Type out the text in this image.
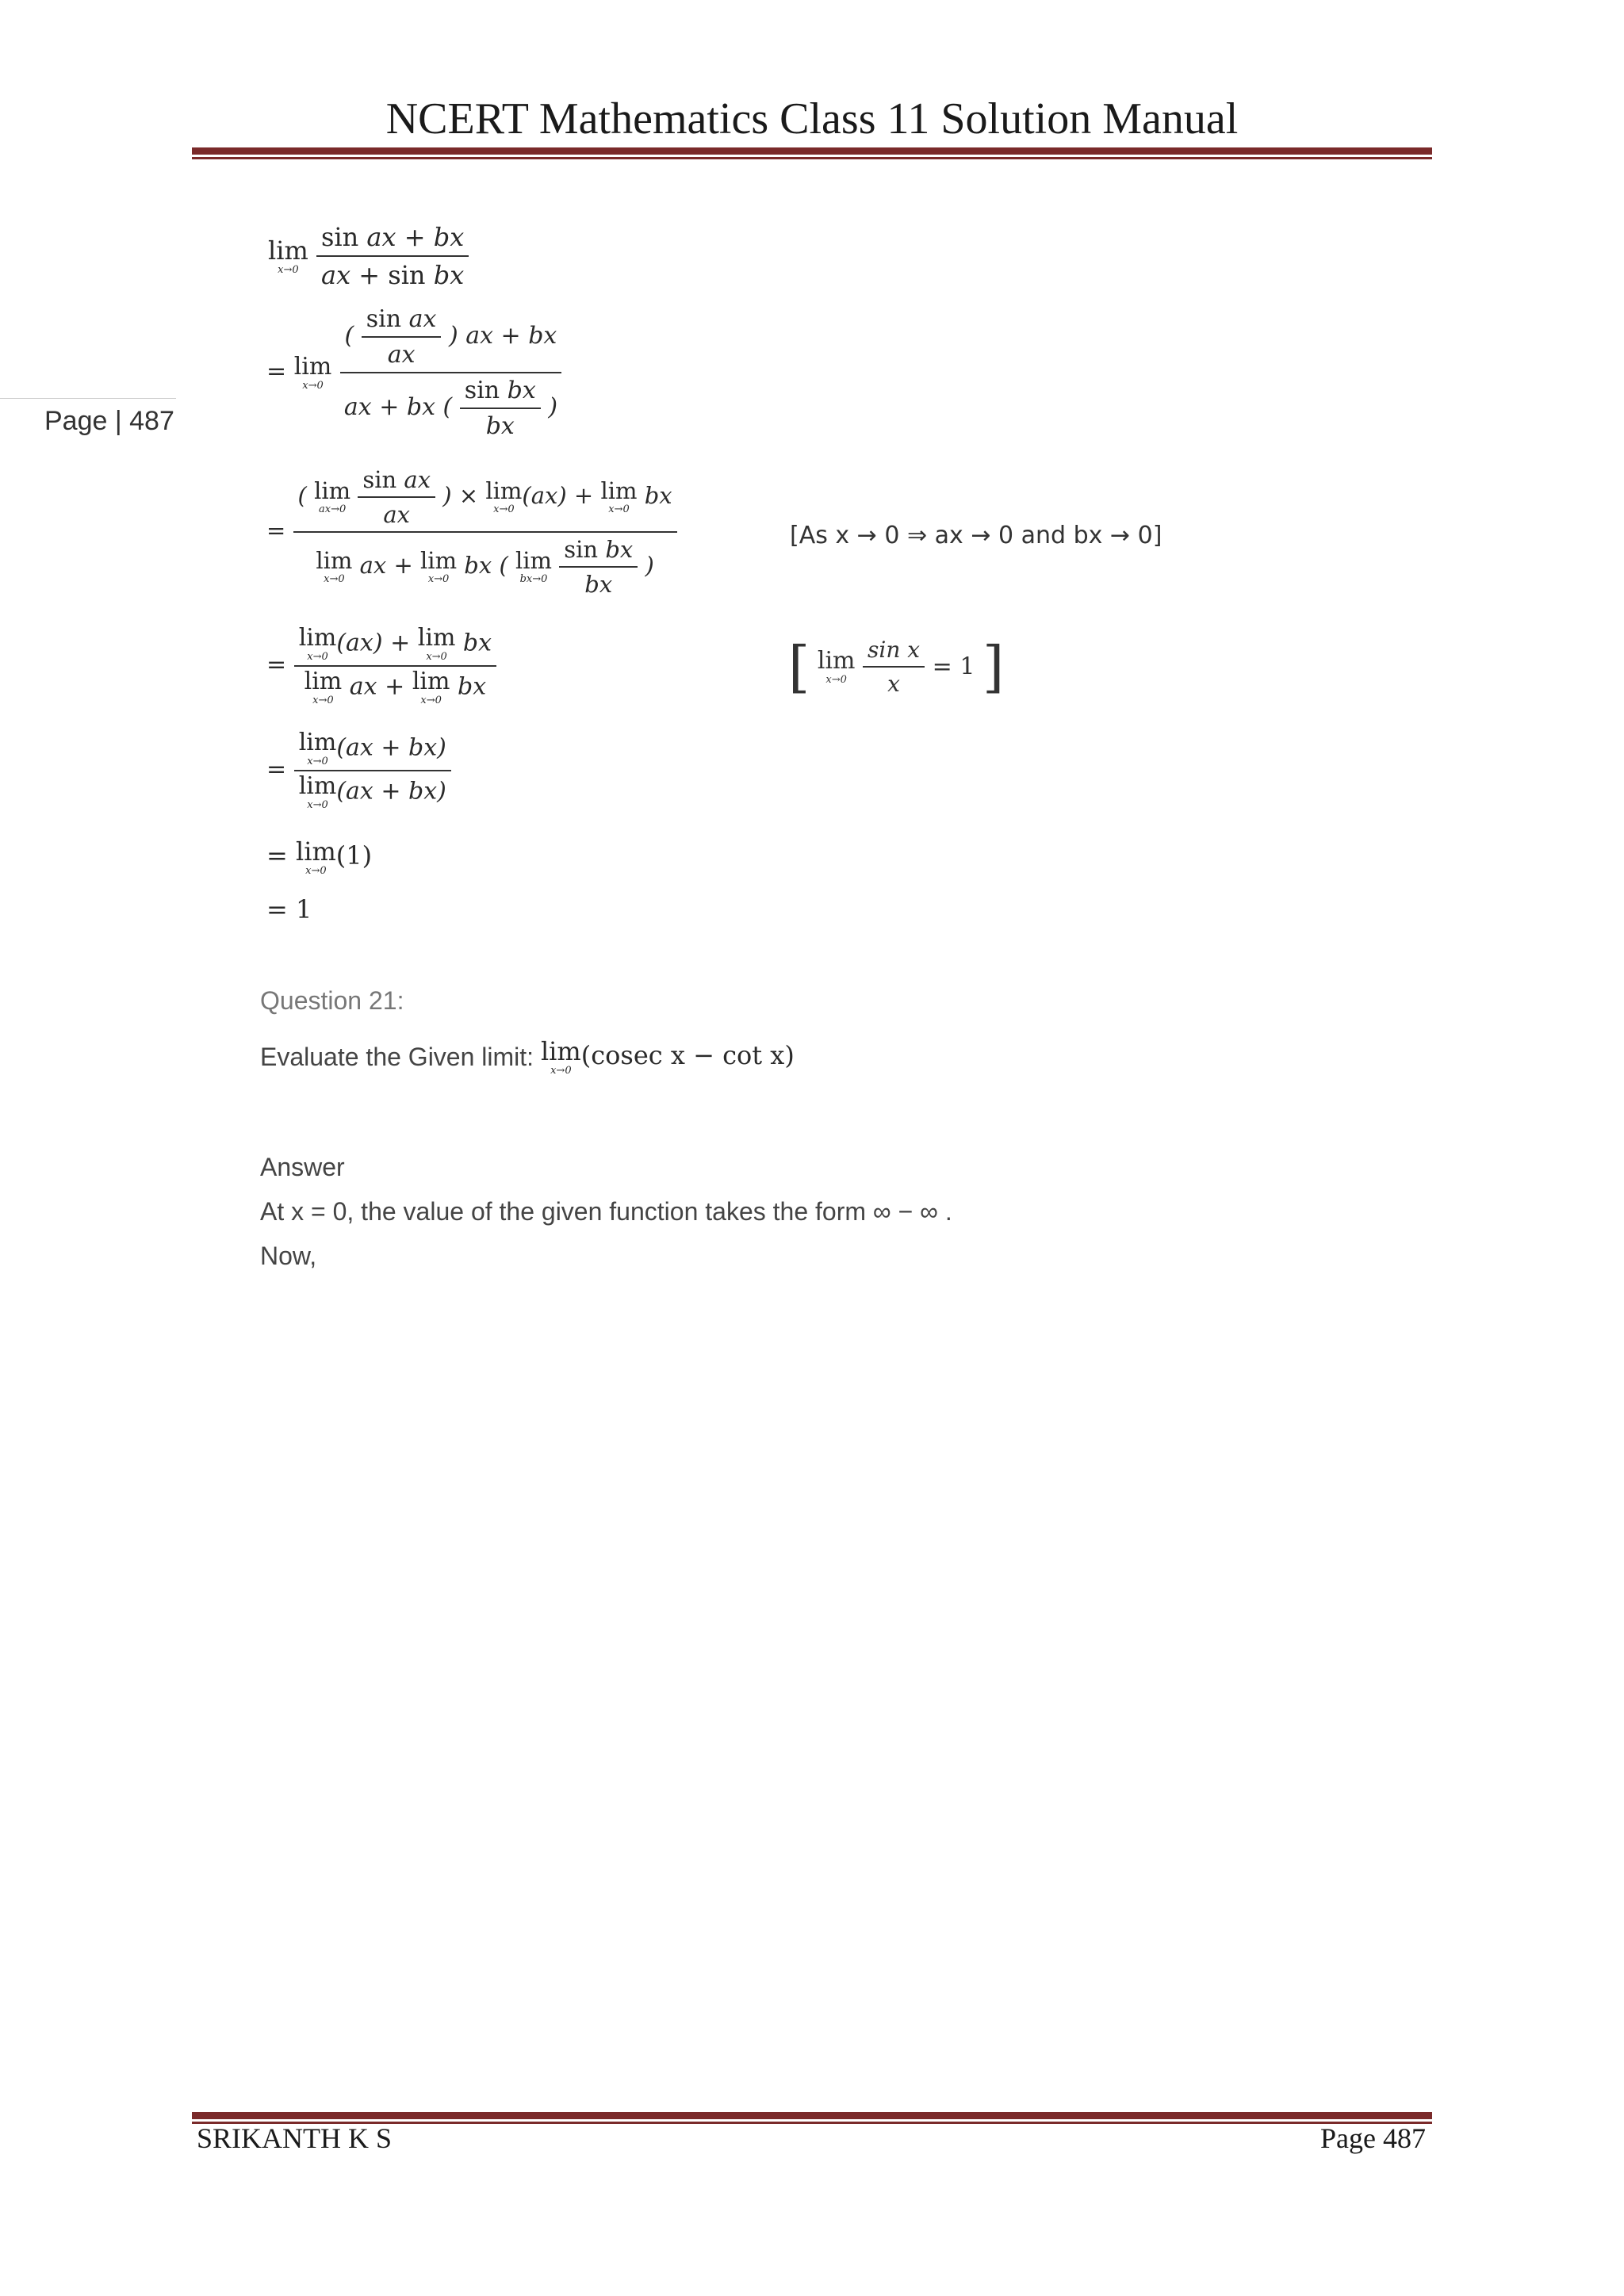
NCERT Mathematics Class 11 Solution Manual
Page | 487
lim
x→0
$\frac{\text{sin ax + bx}}{\text{ax + sin bx}}$
= lim
x→0
$\frac{( \frac{\text{sin ax}}{ax} ) ax + bx}{ax + bx ( \frac{\text{sin bx}}{bx} )}$
= ( lim
ax→0
$\frac{\text{sin ax}}{ax}$ ) × lim
x→0
(ax) + lim
x→0
bx
lim
x→0
ax + lim
x→0
bx ( lim
bx→0
$\frac{\text{sin bx}}{bx}$ )
= lim
x→0 (ax) + lim
x→0 bx
lim
x→0 ax + lim
x→0 bx
= lim
x→0 (ax + bx)
lim
x→0 (ax + bx)
= lim
x→0
(1)
= 1
[As x → 0 ⇒ ax → 0 and bx → 0]
[ lim
x→0
$\frac{\text{sin x}}{x} = 1$ ]
Question 21:
Evaluate the Given limit: lim
x→0
(cosec x − cot x)
Answer
At x = 0, the value of the given function takes the form ∞ − ∞ .
Now,
SRIKANTH K S	Page 487
